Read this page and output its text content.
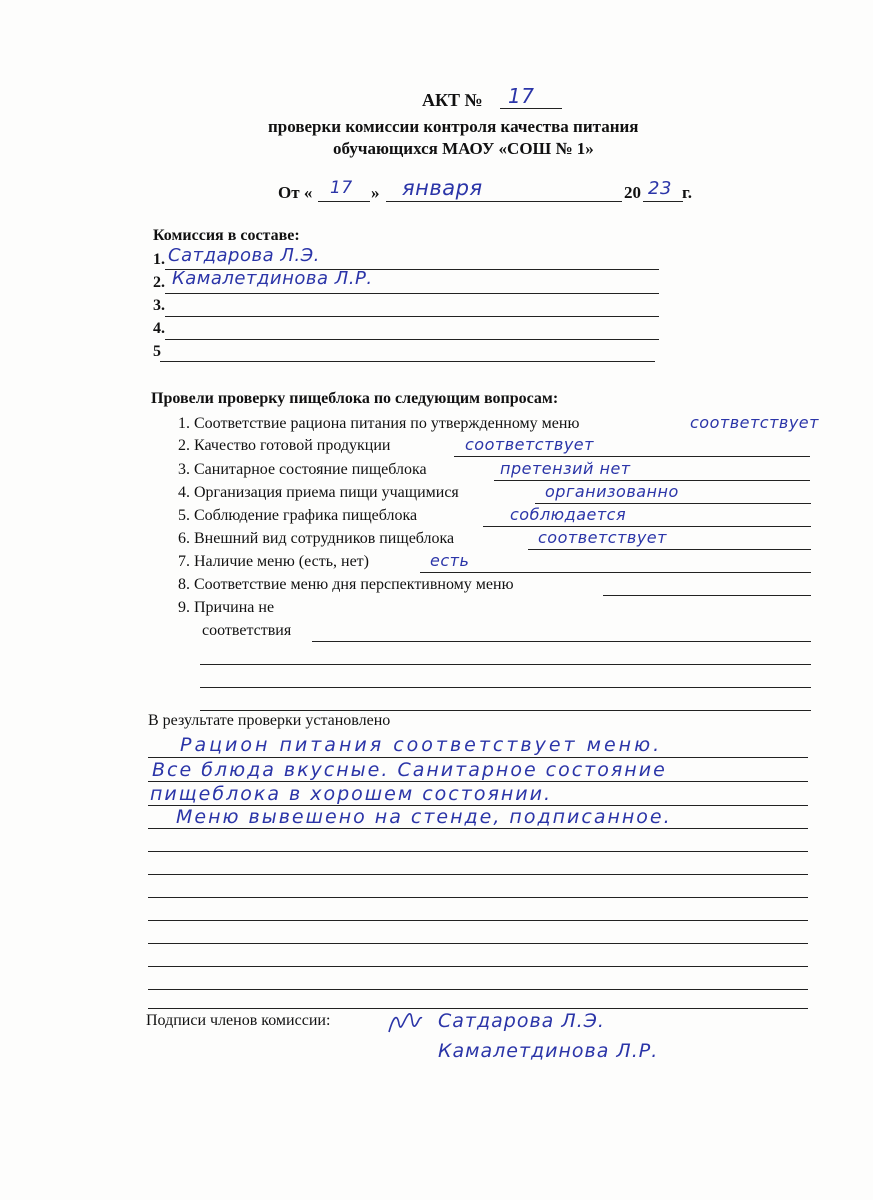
АКТ № 17
проверки комиссии контроля качества питания
обучающихся МАОУ «СОШ № 1»
От « 17 » января	20 23 г.
Комиссия в составе:
1. Сатдарова Л.Э.
2. Камалетдинова Л.Р.
3.
4.
5
Провели проверку пищеблока по следующим вопросам:
1. Соответствие рациона питания по утвержденному меню	соответствует
2. Качество готовой продукции	соответствует
3. Санитарное состояние пищеблока	претензий нет
4. Организация приема пищи учащимися	организованно
5. Соблюдение графика пищеблока	соблюдается
6. Внешний вид сотрудников пищеблока	соответствует
7. Наличие меню (есть, нет)	есть
8. Соответствие меню дня перспективному меню
9. Причина не
соответствия
В результате проверки установлено
Рацион питания соответствует меню.
Все блюда вкусные. Санитарное состояние
пищеблока в хорошем состоянии.
Меню вывешено на стенде, подписанное.
Подписи членов комиссии:	Сатдарова Л.Э.
Камалетдинова Л.Р.
